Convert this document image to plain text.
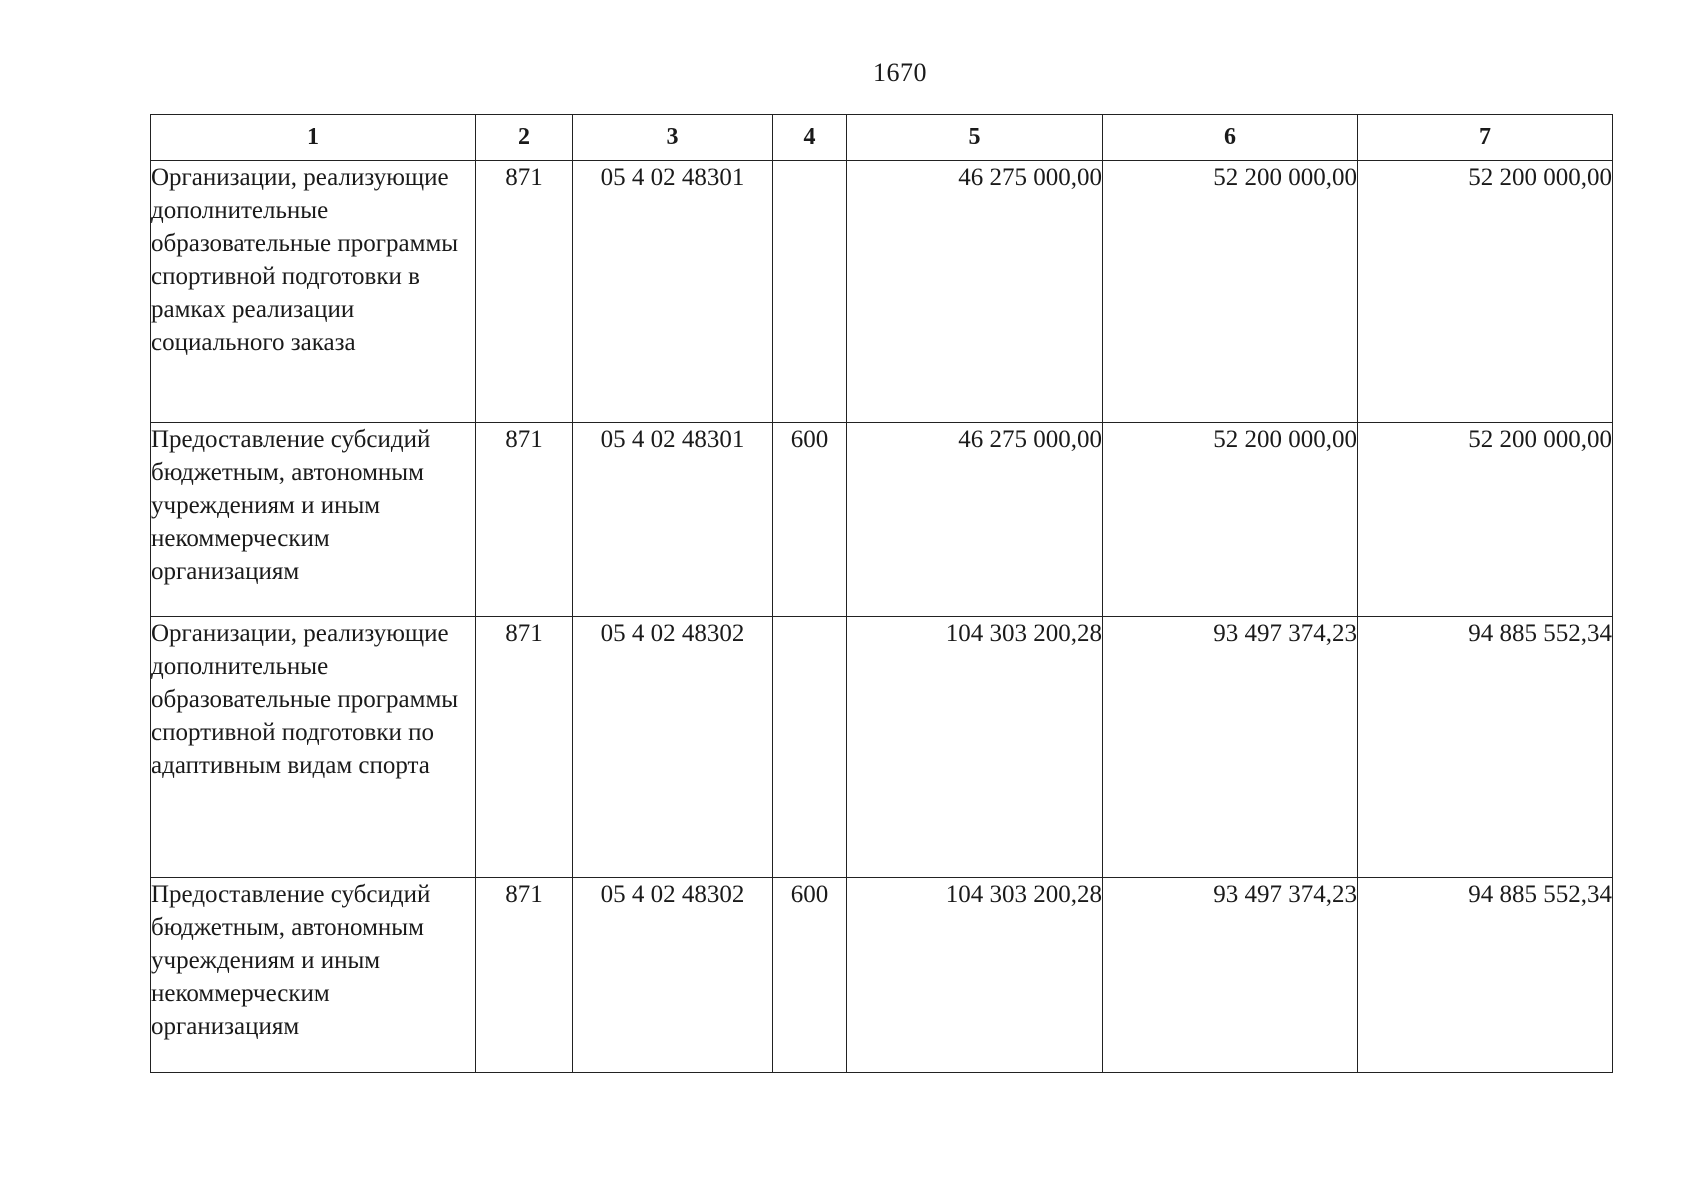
1670
1	2	3	4	5	6	7
Организации, реализующие дополнительные образовательные программы спортивной подготовки в рамках реализации социального заказа	871	05 4 02 48301		46 275 000,00	52 200 000,00	52 200 000,00
Предоставление субсидий бюджетным, автономным учреждениям и иным некоммерческим организациям	871	05 4 02 48301	600	46 275 000,00	52 200 000,00	52 200 000,00
Организации, реализующие дополнительные образовательные программы спортивной подготовки по адаптивным видам спорта	871	05 4 02 48302		104 303 200,28	93 497 374,23	94 885 552,34
Предоставление субсидий бюджетным, автономным учреждениям и иным некоммерческим организациям	871	05 4 02 48302	600	104 303 200,28	93 497 374,23	94 885 552,34
